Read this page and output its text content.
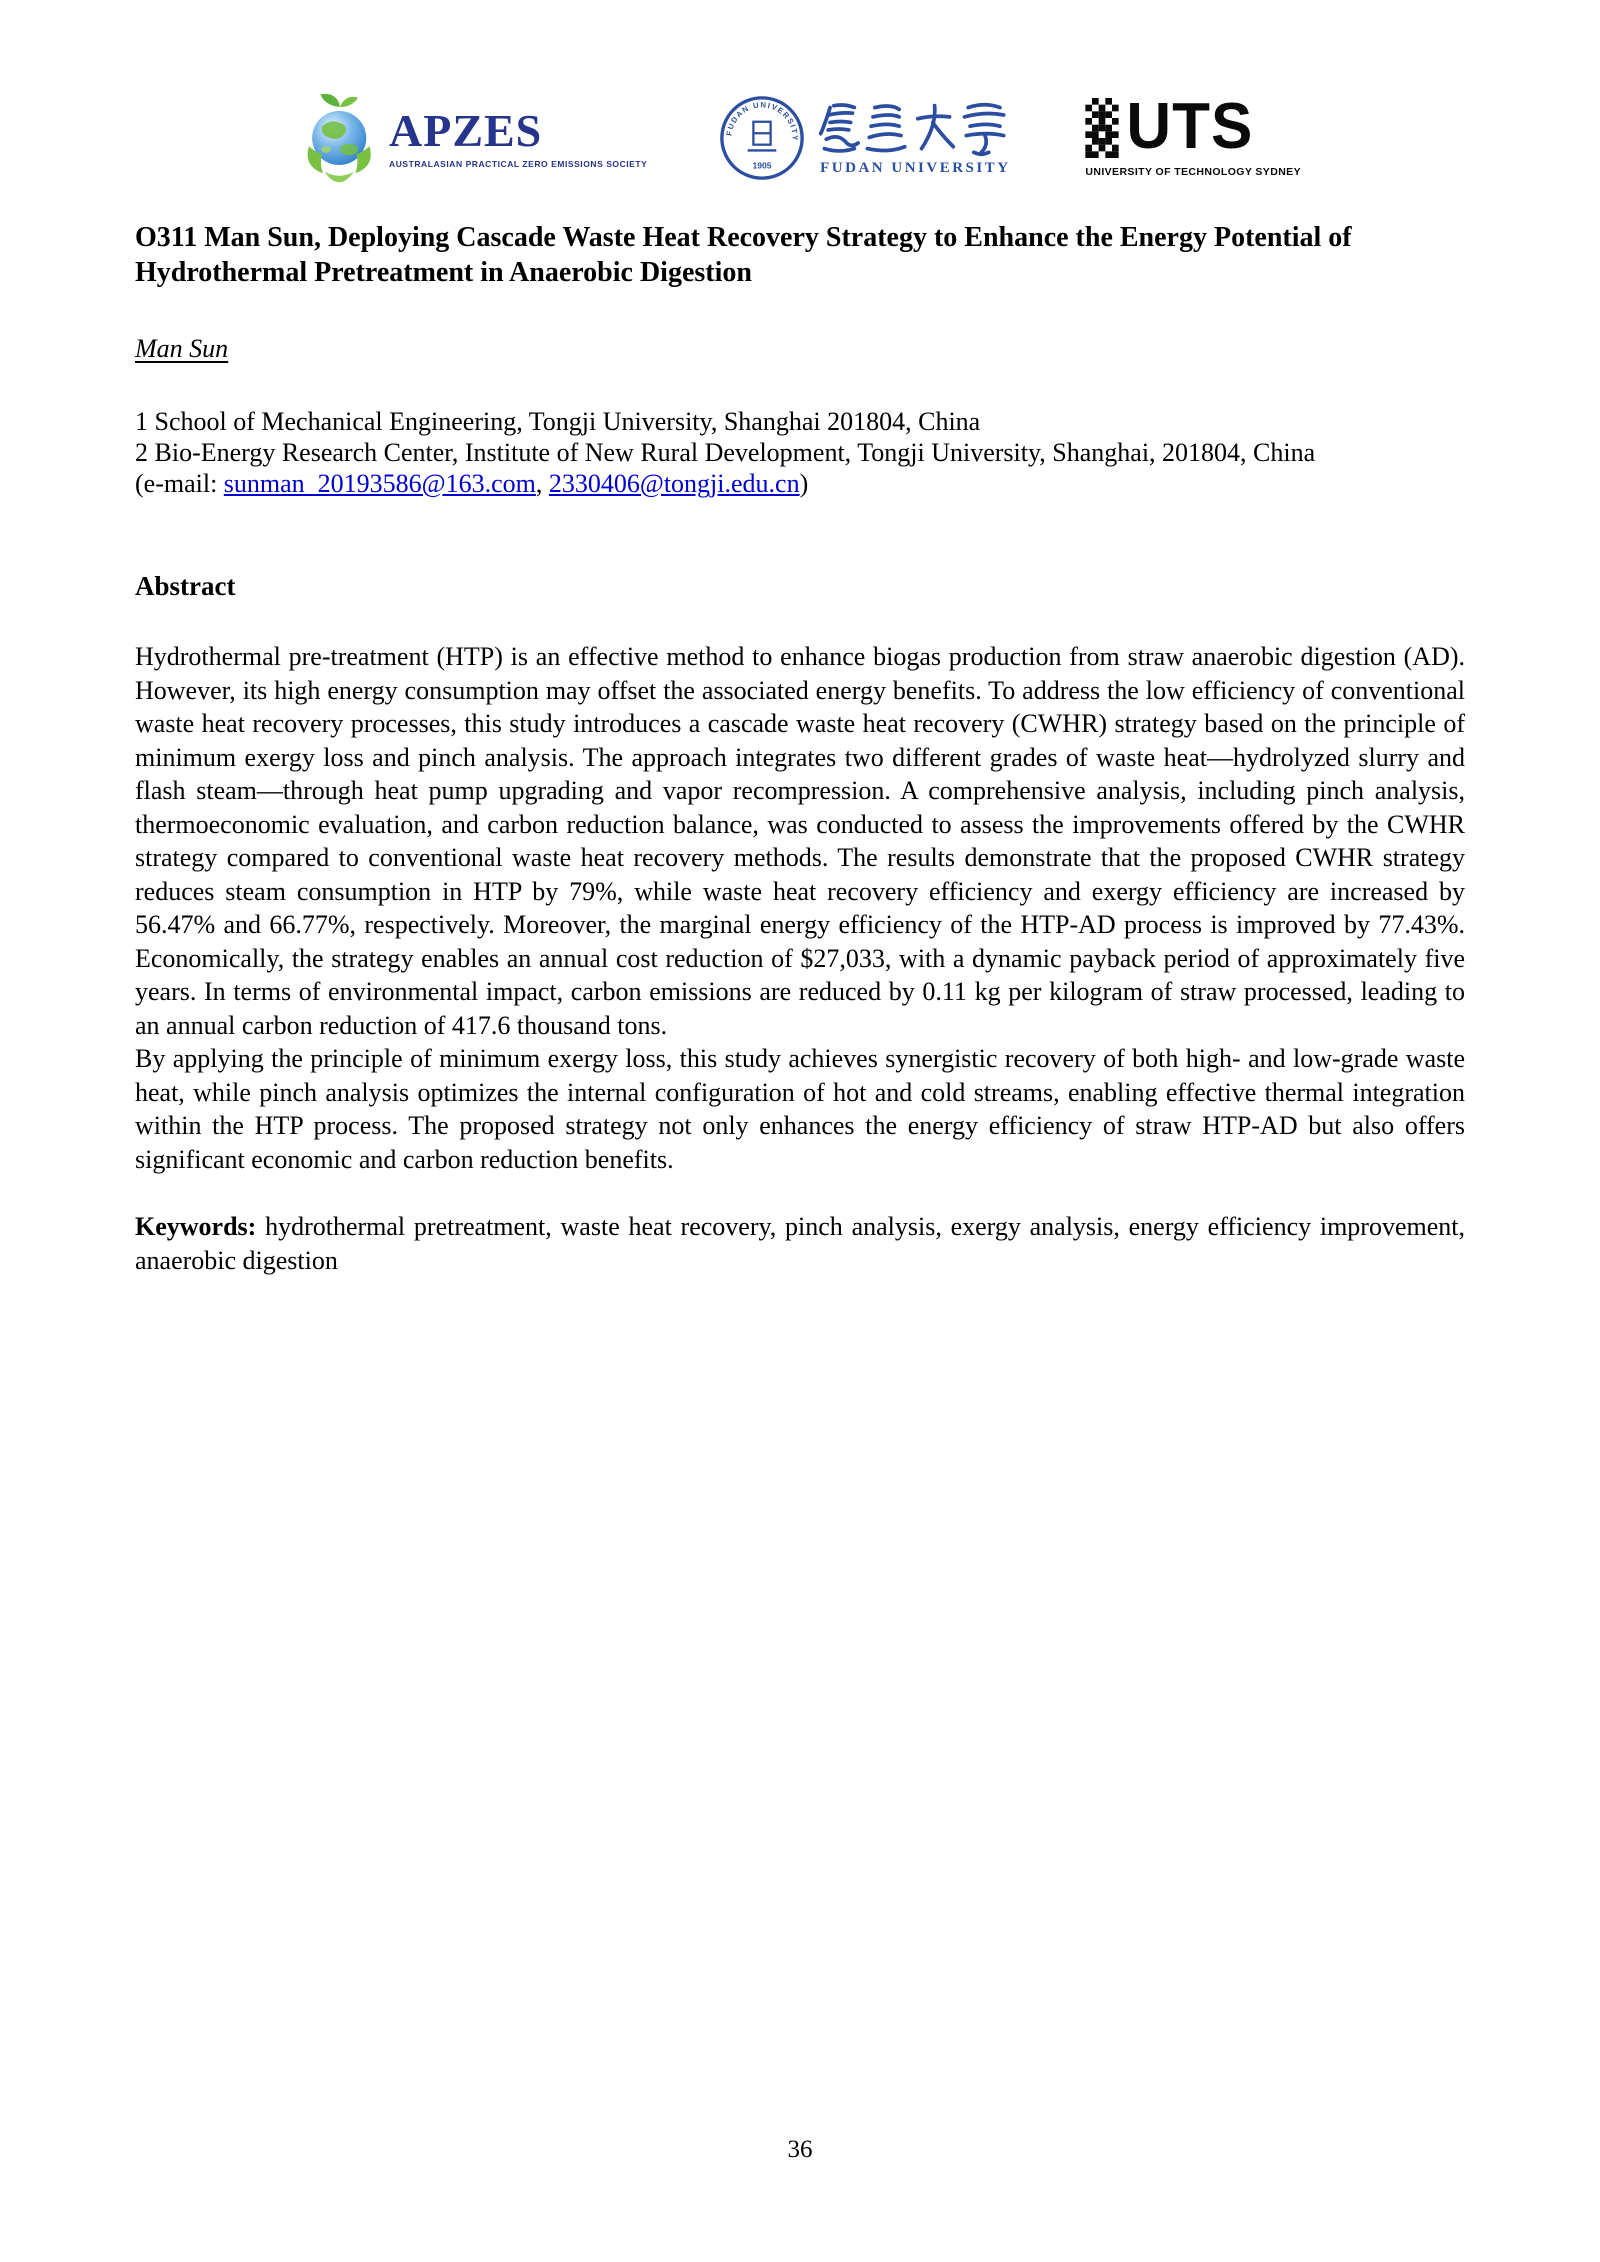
APZES
AUSTRALASIAN PRACTICAL ZERO EMISSIONS SOCIETY
FUDAN UNIVERSITY
1905	FUDAN UNIVERSITY
UTS
UNIVERSITY OF TECHNOLOGY SYDNEY
O311 Man Sun, Deploying Cascade Waste Heat Recovery Strategy to Enhance the Energy Potential of Hydrothermal Pretreatment in Anaerobic Digestion
Man Sun
1 School of Mechanical Engineering, Tongji University, Shanghai 201804, China
2 Bio-Energy Research Center, Institute of New Rural Development, Tongji University, Shanghai, 201804, China
(e-mail: sunman_20193586@163.com, 2330406@tongji.edu.cn)
Abstract

Hydrothermal pre-treatment (HTP) is an effective method to enhance biogas production from straw anaerobic digestion (AD). However, its high energy consumption may offset the associated energy benefits. To address the low efficiency of conventional waste heat recovery processes, this study introduces a cascade waste heat recovery (CWHR) strategy based on the principle of minimum exergy loss and pinch analysis. The approach integrates two different grades of waste heat—hydrolyzed slurry and flash steam—through heat pump upgrading and vapor recompression. A comprehensive analysis, including pinch analysis, thermoeconomic evaluation, and carbon reduction balance, was conducted to assess the improvements offered by the CWHR strategy compared to conventional waste heat recovery methods. The results demonstrate that the proposed CWHR strategy reduces steam consumption in HTP by 79%, while waste heat recovery efficiency and exergy efficiency are increased by 56.47% and 66.77%, respectively. Moreover, the marginal energy efficiency of the HTP-AD process is improved by 77.43%. Economically, the strategy enables an annual cost reduction of $27,033, with a dynamic payback period of approximately five years. In terms of environmental impact, carbon emissions are reduced by 0.11 kg per kilogram of straw processed, leading to an annual carbon reduction of 417.6 thousand tons.

By applying the principle of minimum exergy loss, this study achieves synergistic recovery of both high- and low-grade waste heat, while pinch analysis optimizes the internal configuration of hot and cold streams, enabling effective thermal integration within the HTP process. The proposed strategy not only enhances the energy efficiency of straw HTP-AD but also offers significant economic and carbon reduction benefits.

Keywords: hydrothermal pretreatment, waste heat recovery, pinch analysis, exergy analysis, energy efficiency improvement, anaerobic digestion

36
